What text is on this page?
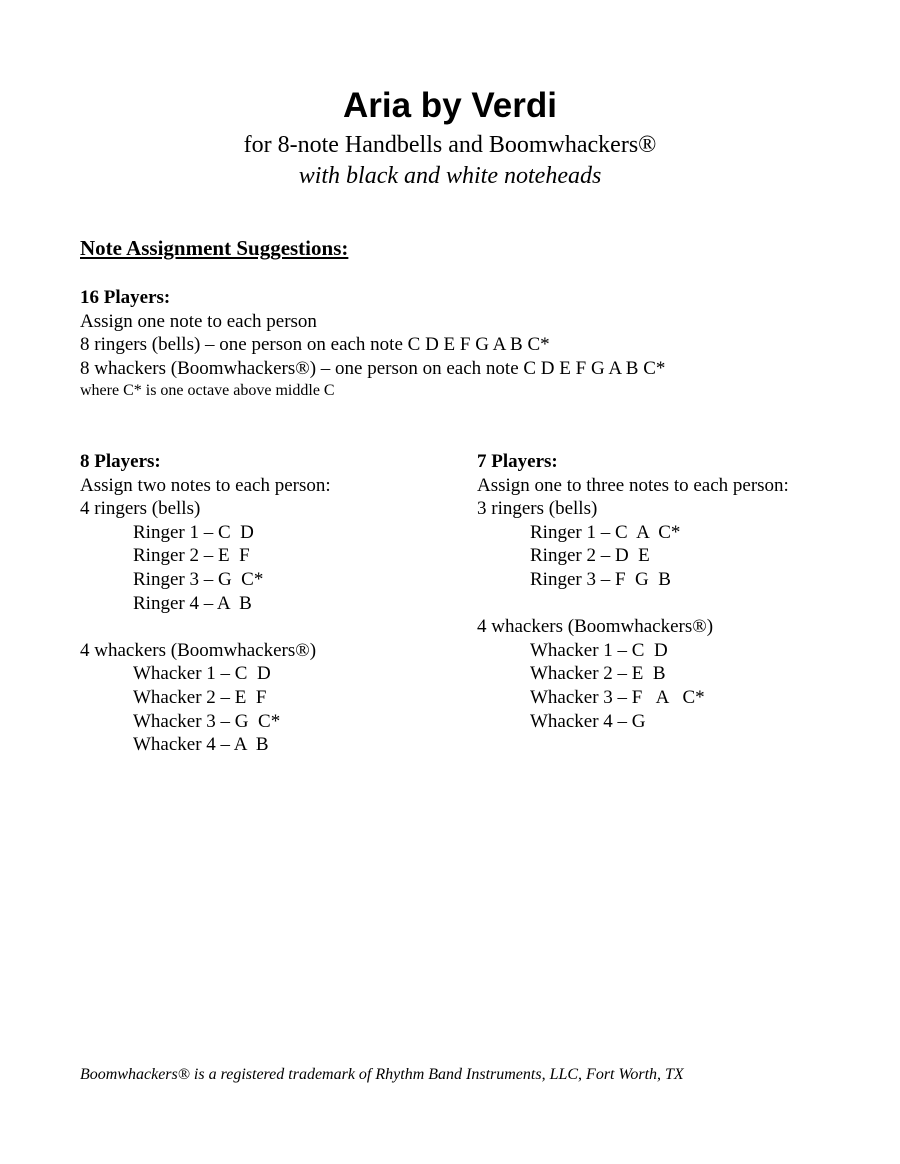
Aria by Verdi
for 8-note Handbells and Boomwhackers®
with black and white noteheads
Note Assignment Suggestions:
16 Players:
Assign one note to each person
8 ringers (bells) – one person on each note C D E F G A B C*
8 whackers (Boomwhackers®) – one person on each note C D E F G A B C*
where C* is one octave above middle C
8 Players:
Assign two notes to each person:
4 ringers (bells)
Ringer 1 – C  D
Ringer 2 – E  F
Ringer 3 – G  C*
Ringer 4 – A  B
4 whackers (Boomwhackers®)
Whacker 1 – C  D
Whacker 2 – E  F
Whacker 3 – G  C*
Whacker 4 – A  B
7 Players:
Assign one to three notes to each person:
3 ringers (bells)
Ringer 1 – C  A  C*
Ringer 2 – D  E
Ringer 3 – F  G  B
4 whackers (Boomwhackers®)
Whacker 1 – C  D
Whacker 2 – E  B
Whacker 3 – F   A   C*
Whacker 4 – G
Boomwhackers® is a registered trademark of Rhythm Band Instruments, LLC, Fort Worth, TX
